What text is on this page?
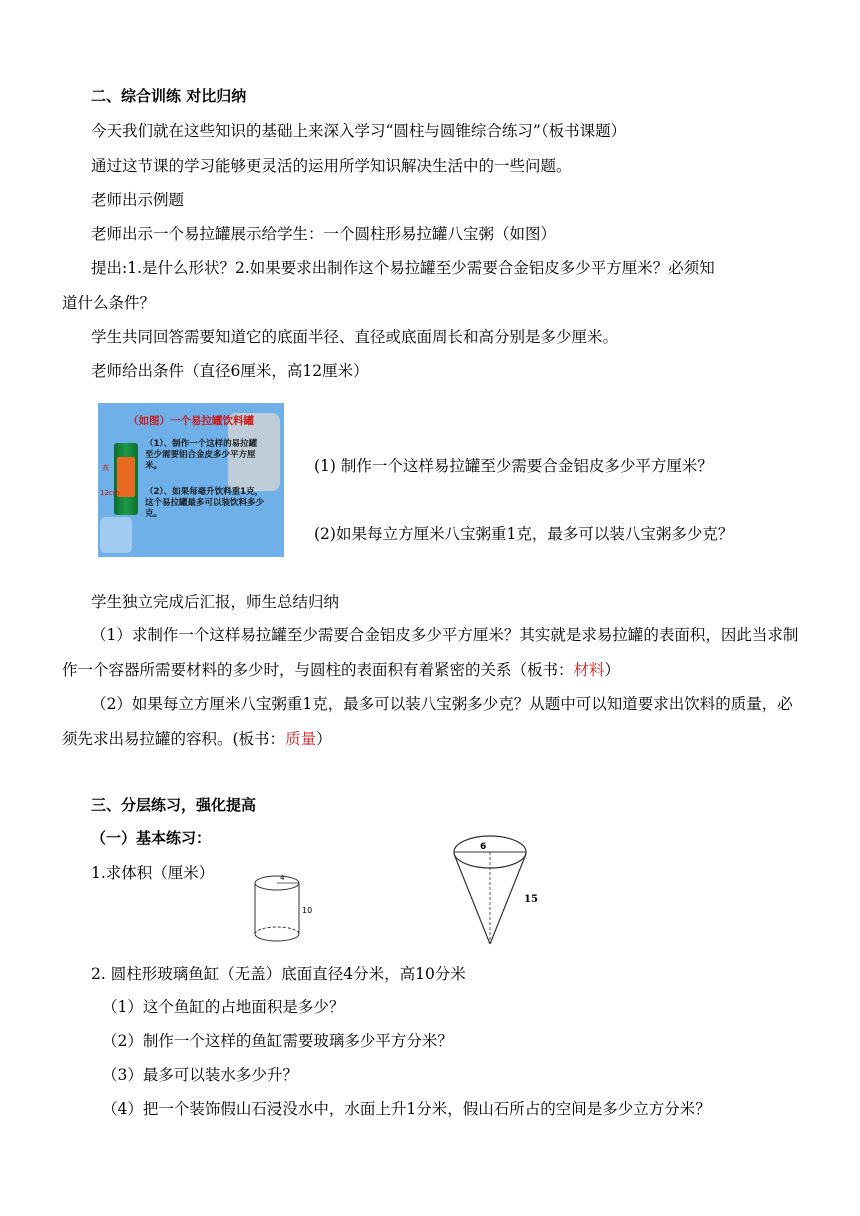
二、综合训练 对比归纳
今天我们就在这些知识的基础上来深入学习“圆柱与圆锥综合练习”（板书课题）
通过这节课的学习能够更灵活的运用所学知识解决生活中的一些问题。
老师出示例题
老师出示一个易拉罐展示给学生：一个圆柱形易拉罐八宝粥（如图）
提出:1.是什么形状？2.如果要求出制作这个易拉罐至少需要合金铝皮多少平方厘米？必须知
道什么条件？
学生共同回答需要知道它的底面半径、直径或底面周长和高分别是多少厘米。
老师给出条件（直径6厘米，高12厘米）
（如图）一个易拉罐饮料罐
高
12cm
（1）、制作一个这样的易拉罐至少需要铝合金皮多少平方厘米。
（2）、如果每毫升饮料重1克，这个易拉罐最多可以装饮料多少克。
(1) 制作一个这样易拉罐至少需要合金铝皮多少平方厘米？
(2)如果每立方厘米八宝粥重1克，最多可以装八宝粥多少克？
学生独立完成后汇报，师生总结归纳
（1）求制作一个这样易拉罐至少需要合金铝皮多少平方厘米？其实就是求易拉罐的表面积，因此当求制作一个容器所需要材料的多少时，与圆柱的表面积有着紧密的关系（板书：材料）
（2）如果每立方厘米八宝粥重1克，最多可以装八宝粥多少克？从题中可以知道要求出饮料的质量，必须先求出易拉罐的容积。(板书：质量）
三、分层练习，强化提高
（一）基本练习：
1.求体积（厘米）	4
10
6
15
2. 圆柱形玻璃鱼缸（无盖）底面直径4分米，高10分米
（1）这个鱼缸的占地面积是多少？
（2）制作一个这样的鱼缸需要玻璃多少平方分米？
（3）最多可以装水多少升？
（4）把一个装饰假山石浸没水中，水面上升1分米，假山石所占的空间是多少立方分米？
